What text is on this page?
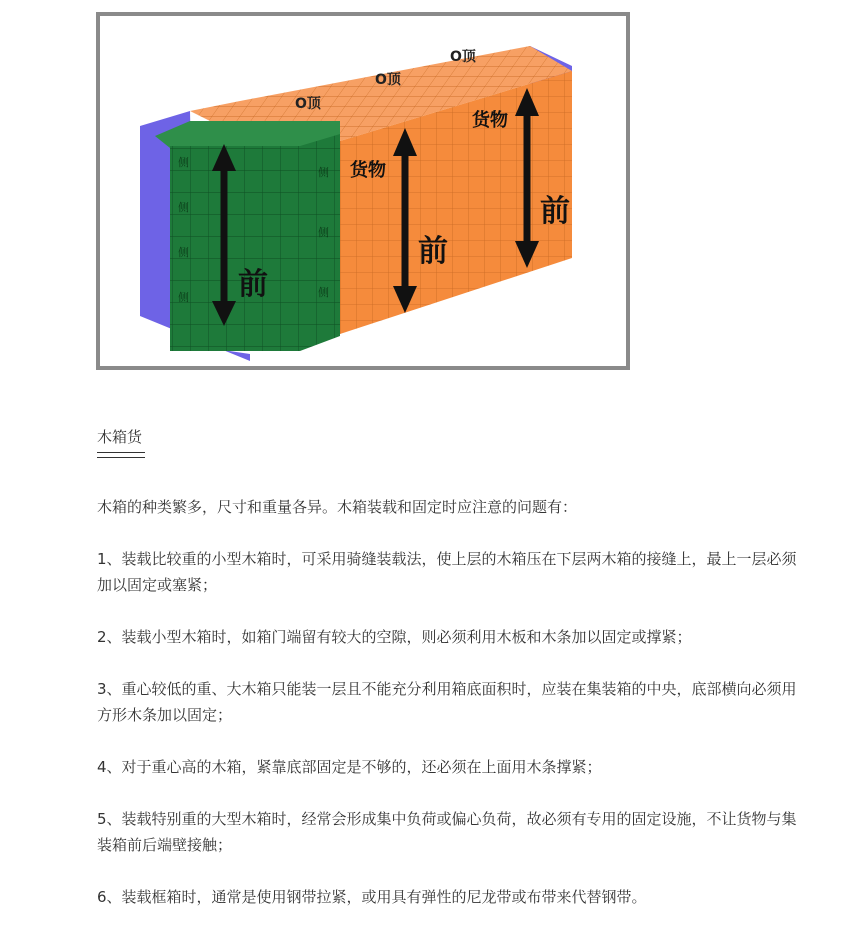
侧
侧
侧
侧
侧
侧
侧
O顶
O顶
O顶
货物
货物
前
前
前
木箱货

木箱的种类繁多，尺寸和重量各异。木箱装载和固定时应注意的问题有：

1、装载比较重的小型木箱时，可采用骑缝装载法，使上层的木箱压在下层两木箱的接缝上，最上一层必须加以固定或塞紧；

2、装载小型木箱时，如箱门端留有较大的空隙，则必须利用木板和木条加以固定或撑紧；

3、重心较低的重、大木箱只能装一层且不能充分利用箱底面积时，应装在集装箱的中央，底部横向必须用方形木条加以固定；

4、对于重心高的木箱，紧靠底部固定是不够的，还必须在上面用木条撑紧；

5、装载特别重的大型木箱时，经常会形成集中负荷或偏心负荷，故必须有专用的固定设施，不让货物与集装箱前后端壁接触；

6、装载框箱时，通常是使用钢带拉紧，或用具有弹性的尼龙带或布带来代替钢带。
